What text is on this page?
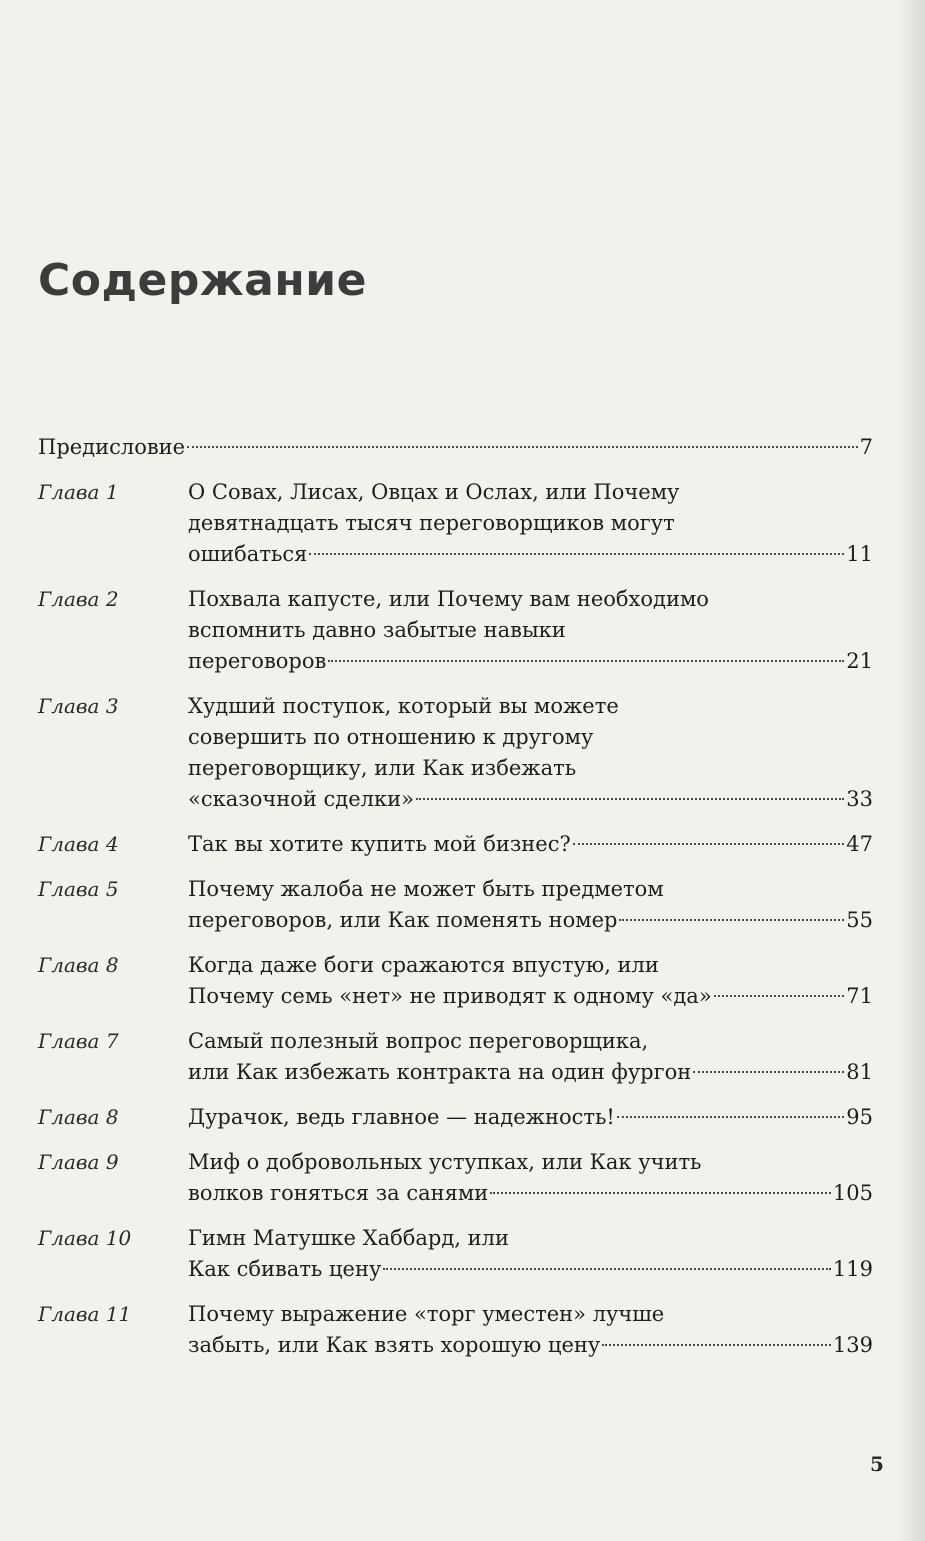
Содержание
Предисловие	7
Глава 1	О Совах, Лисах, Овцах и Ослах, или Почему
девятнадцать тысяч переговорщиков могут
ошибаться	11
Глава 2	Похвала капусте, или Почему вам необходимо
вспомнить давно забытые навыки
переговоров	21
Глава 3	Худший поступок, который вы можете
совершить по отношению к другому
переговорщику, или Как избежать
«сказочной сделки»	33
Глава 4	Так вы хотите купить мой бизнес?	47
Глава 5	Почему жалоба не может быть предметом
переговоров, или Как поменять номер	55
Глава 8	Когда даже боги сражаются впустую, или
Почему семь «нет» не приводят к одному «да»	71
Глава 7	Самый полезный вопрос переговорщика,
или Как избежать контракта на один фургон	81
Глава 8	Дурачок, ведь главное — надежность!	95
Глава 9	Миф о добровольных уступках, или Как учить
волков гоняться за санями	105
Глава 10	Гимн Матушке Хаббард, или
Как сбивать цену	119
Глава 11	Почему выражение «торг уместен» лучше
забыть, или Как взять хорошую цену	139
5
